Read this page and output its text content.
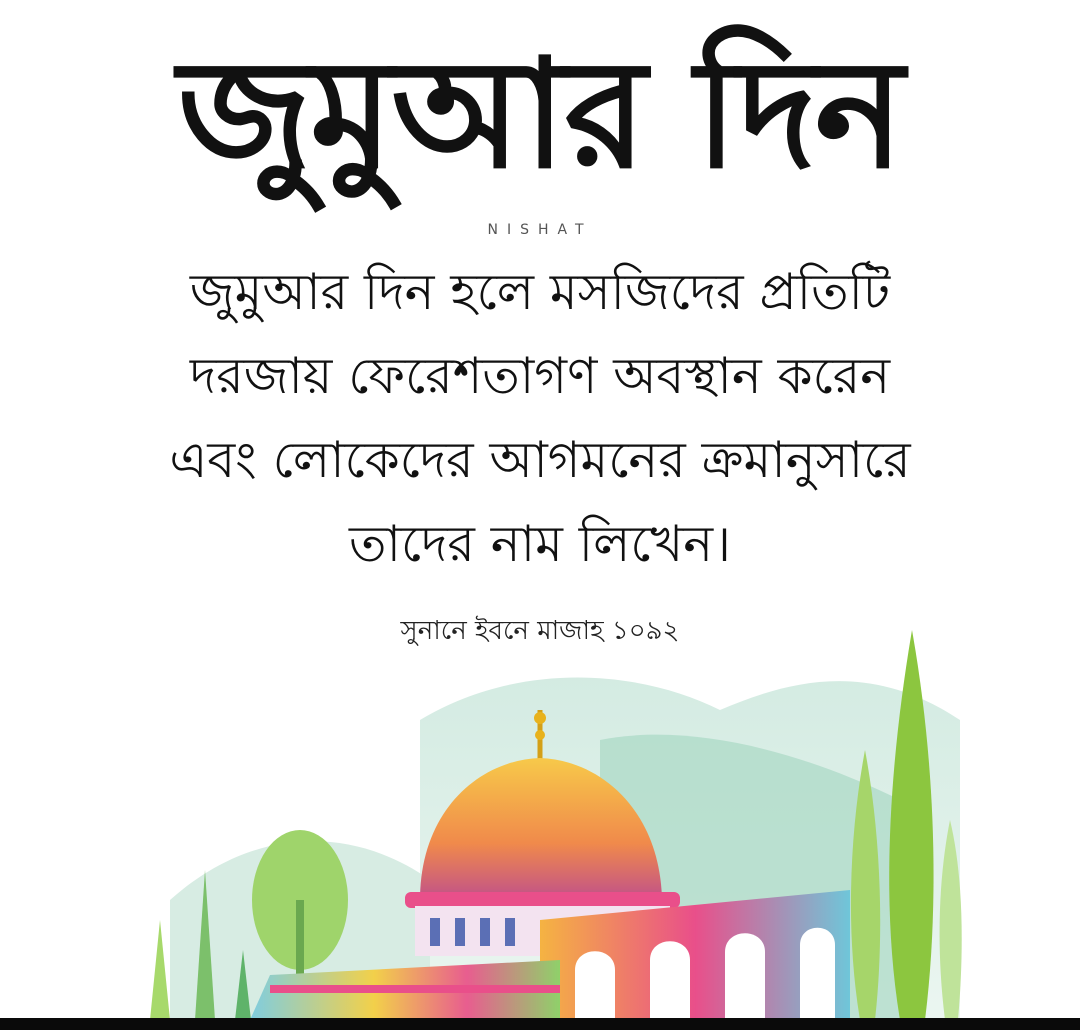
জুমুআর দিন
NISHAT
জুমুআর দিন হলে মসজিদের প্রতিটি
দরজায় ফেরেশতাগণ অবস্থান করেন
এবং লোকেদের আগমনের ক্রমানুসারে
তাদের নাম লিখেন।
সুনানে ইবনে মাজাহ ১০৯২
